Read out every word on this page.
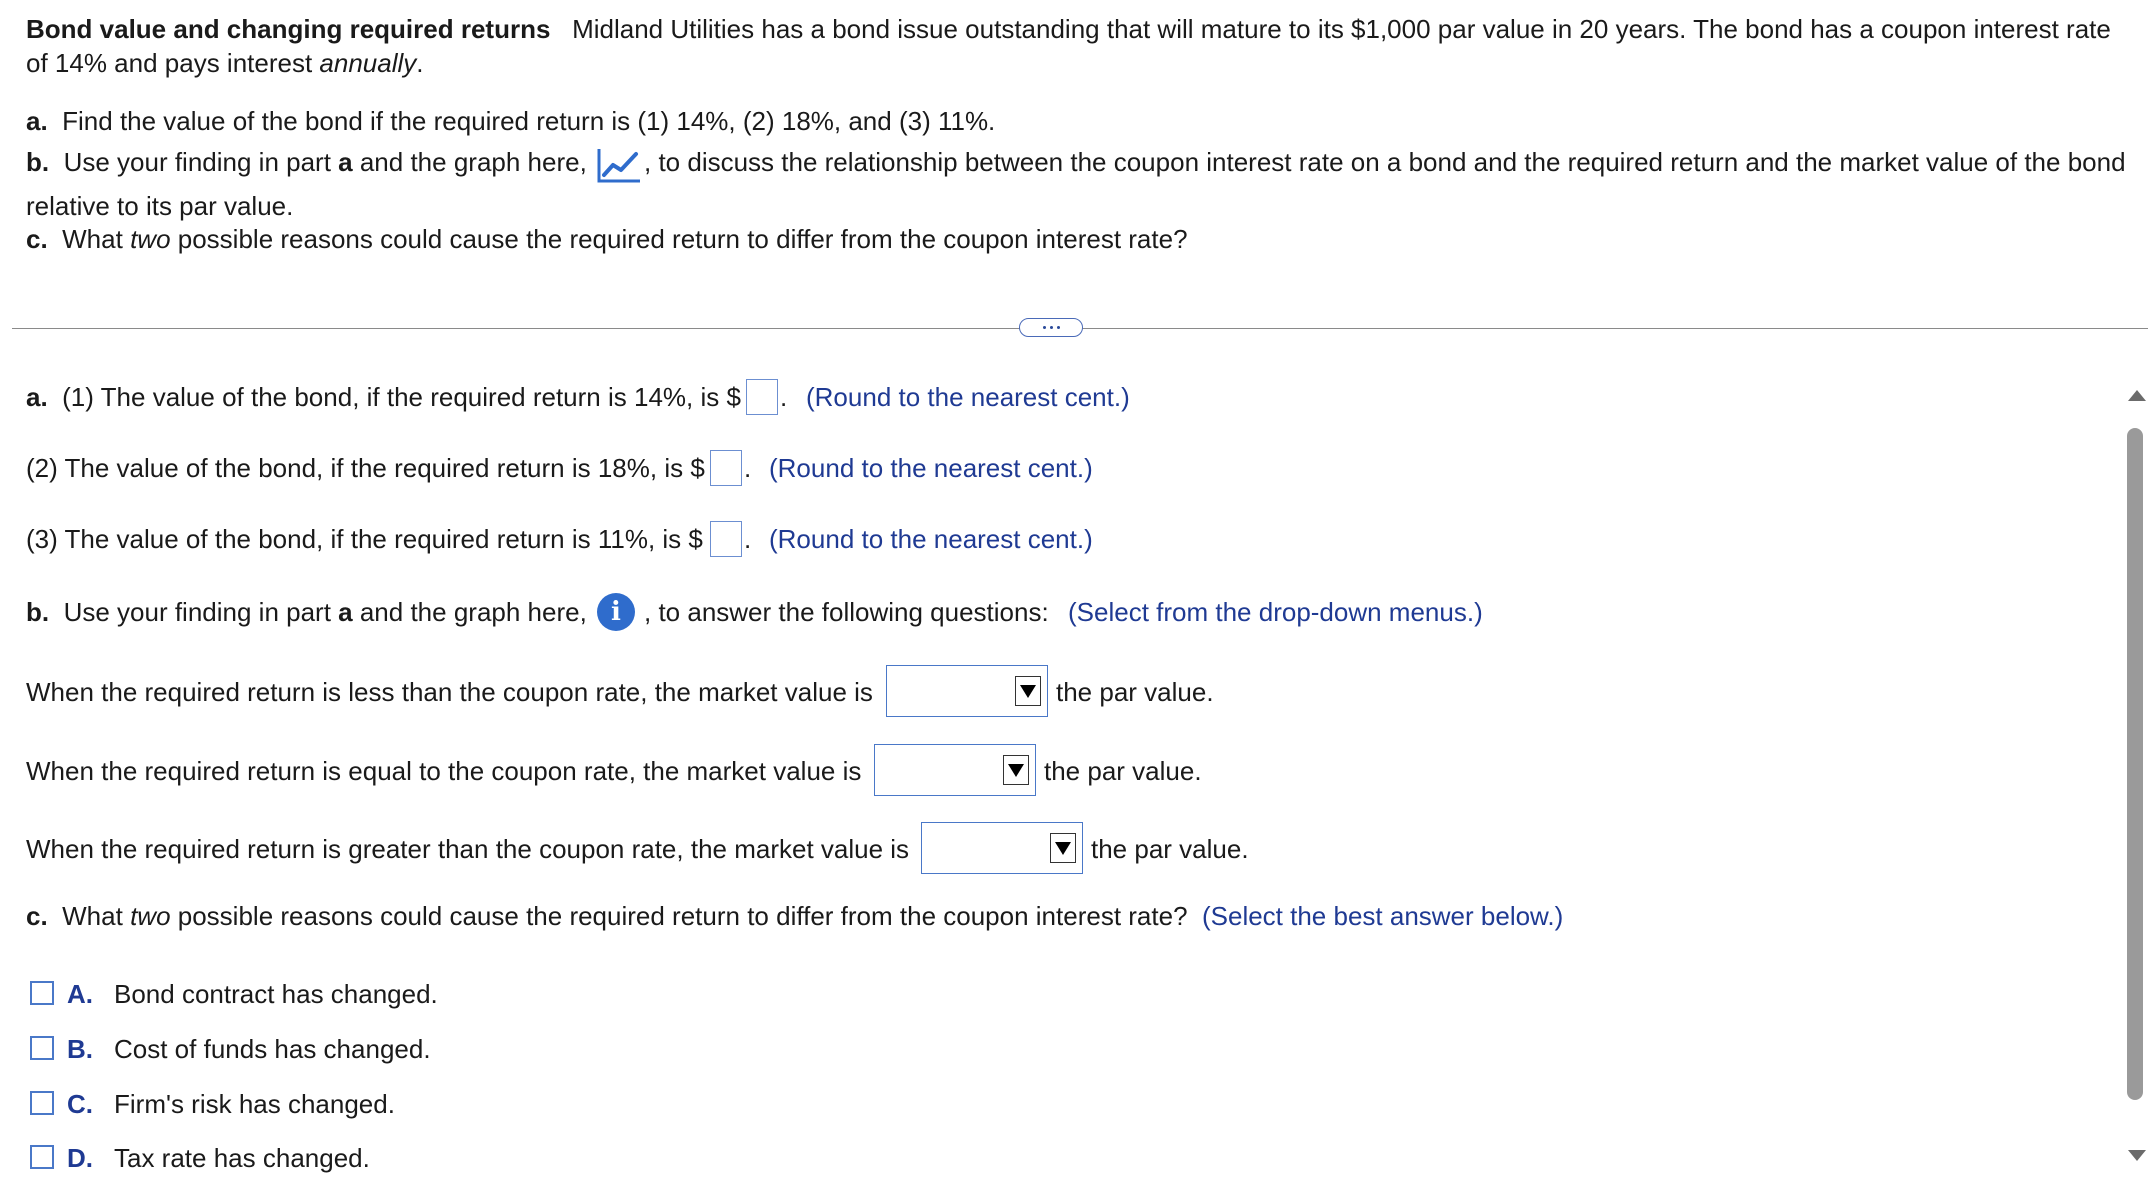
Bond value and changing required returns Midland Utilities has a bond issue outstanding that will mature to its $1,000 par value in 20 years. The bond has a coupon interest rate

of 14% and pays interest annually.

a. Find the value of the bond if the required return is (1) 14%, (2) 18%, and (3) 11%.
b. Use your finding in part a and the graph here, , to discuss the relationship between the coupon interest rate on a bond and the required return and the market value of the bond
relative to its par value.
c. What two possible reasons could cause the required return to differ from the coupon interest rate?
a. (1) The value of the bond, if the required return is 14%, is $ . (Round to the nearest cent.)
(2) The value of the bond, if the required return is 18%, is $ . (Round to the nearest cent.)
(3) The value of the bond, if the required return is 11%, is $ . (Round to the nearest cent.)
b. Use your finding in part a and the graph here, i , to answer the following questions: (Select from the drop-down menus.)
When the required return is less than the coupon rate, the market value is	the par value.
When the required return is equal to the coupon rate, the market value is	the par value.
When the required return is greater than the coupon rate, the market value is	the par value.
c. What two possible reasons could cause the required return to differ from the coupon interest rate? (Select the best answer below.)
A. Bond contract has changed.
B. Cost of funds has changed.
C. Firm's risk has changed.
D. Tax rate has changed.
